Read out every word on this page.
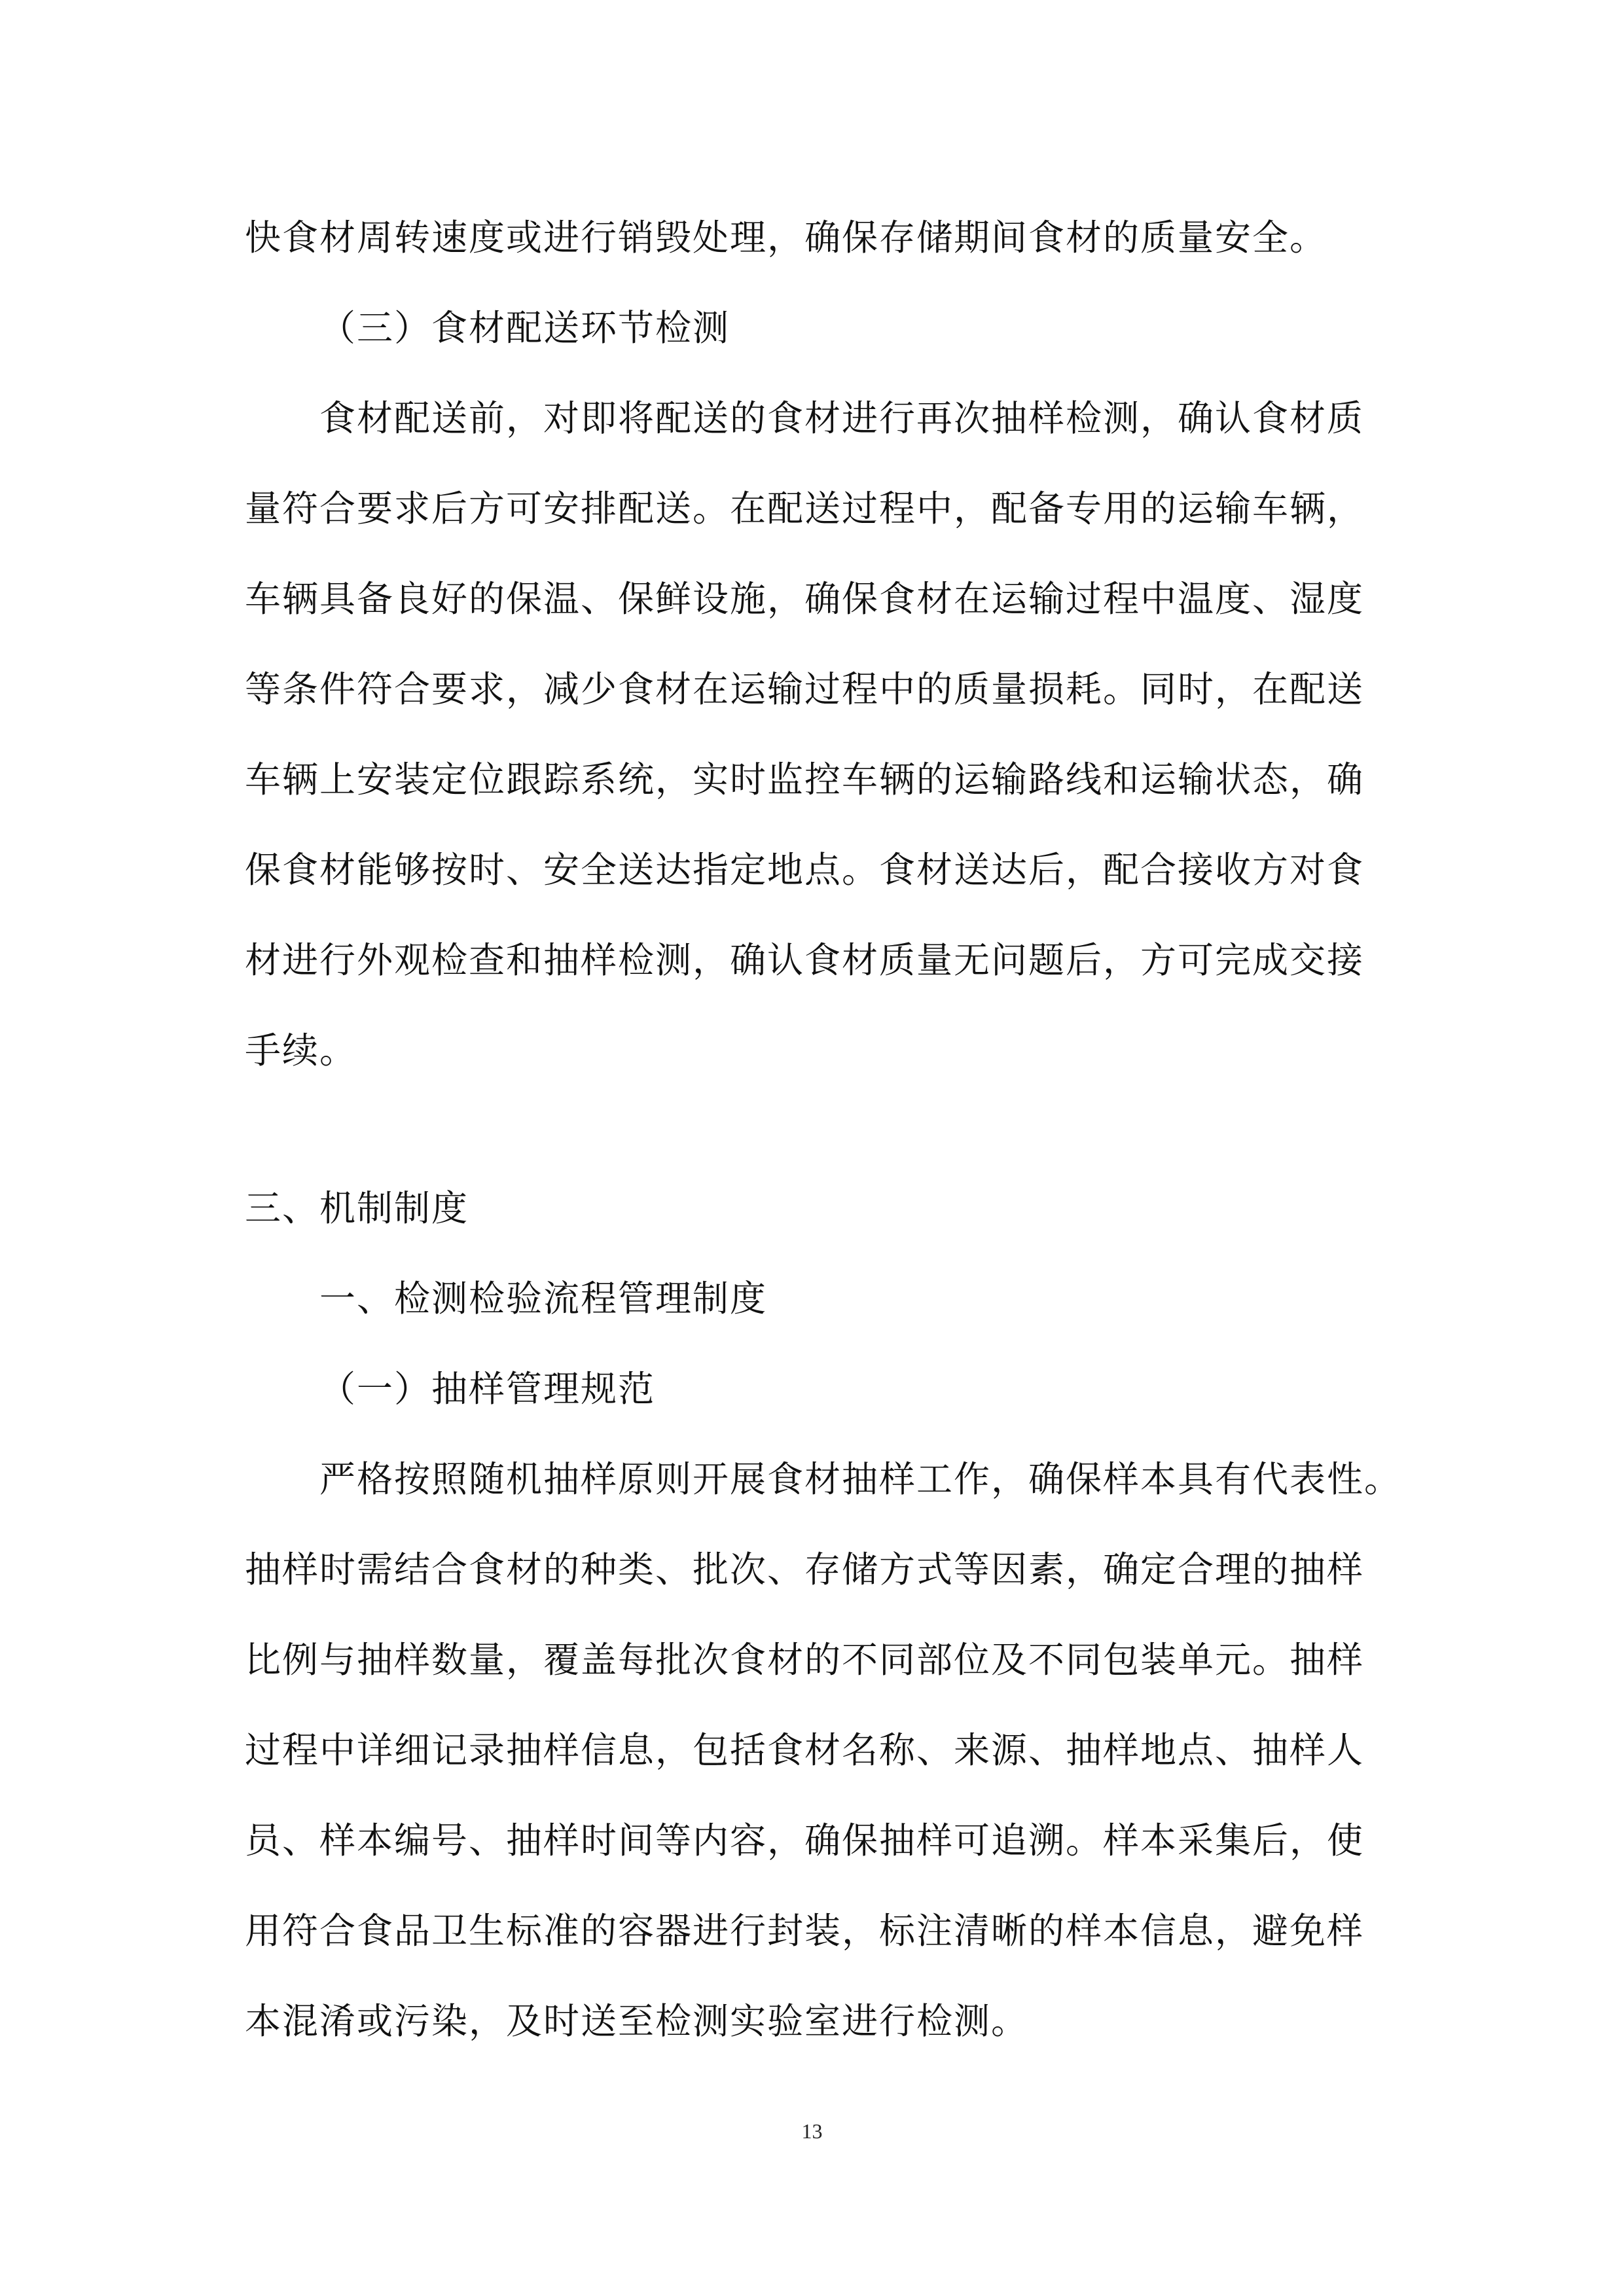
快食材周转速度或进行销毁处理，确保存储期间食材的质量安全。
（三）食材配送环节检测
食材配送前，对即将配送的食材进行再次抽样检测，确认食材质
量符合要求后方可安排配送。在配送过程中，配备专用的运输车辆，
车辆具备良好的保温、保鲜设施，确保食材在运输过程中温度、湿度
等条件符合要求，减少食材在运输过程中的质量损耗。同时，在配送
车辆上安装定位跟踪系统，实时监控车辆的运输路线和运输状态，确
保食材能够按时、安全送达指定地点。食材送达后，配合接收方对食
材进行外观检查和抽样检测，确认食材质量无问题后，方可完成交接
手续。
三、机制制度
一、检测检验流程管理制度
（一）抽样管理规范
严格按照随机抽样原则开展食材抽样工作，确保样本具有代表性。
抽样时需结合食材的种类、批次、存储方式等因素，确定合理的抽样
比例与抽样数量，覆盖每批次食材的不同部位及不同包装单元。抽样
过程中详细记录抽样信息，包括食材名称、来源、抽样地点、抽样人
员、样本编号、抽样时间等内容，确保抽样可追溯。样本采集后，使
用符合食品卫生标准的容器进行封装，标注清晰的样本信息，避免样
本混淆或污染，及时送至检测实验室进行检测。
13
